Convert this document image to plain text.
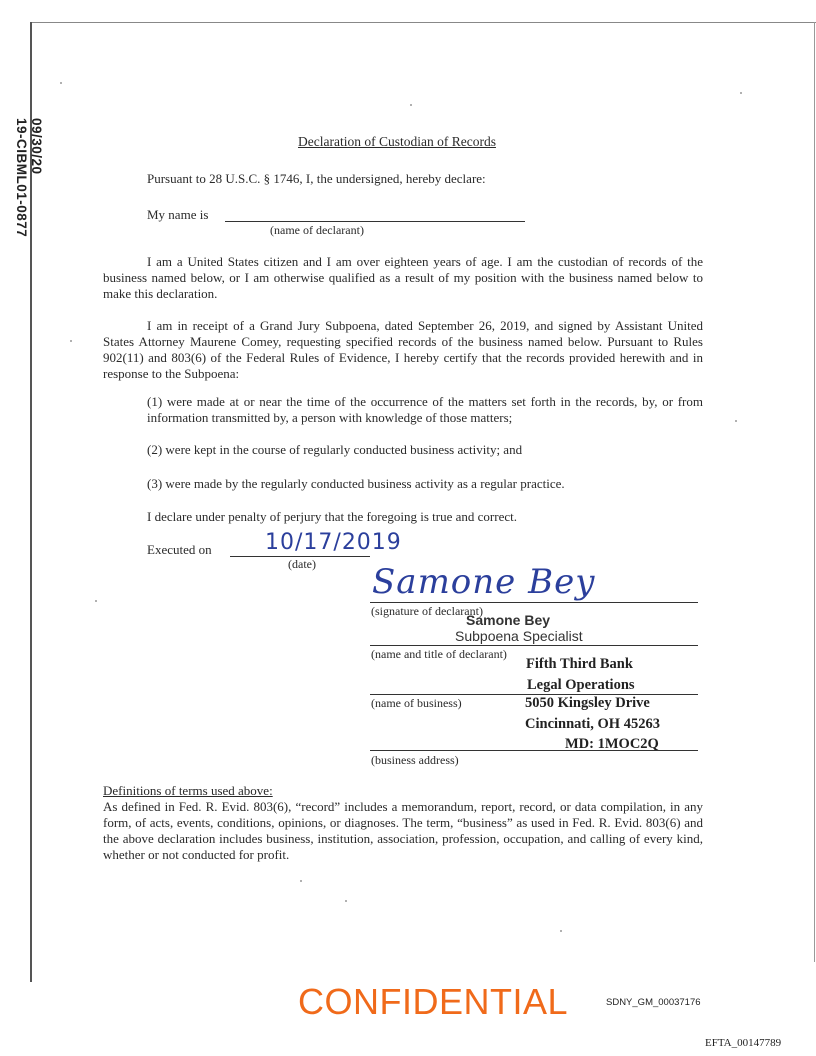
09/30/20
19-CIBML01-0877	Declaration of Custodian of Records
Pursuant to 28 U.S.C. § 1746, I, the undersigned, hereby declare:
My name is
(name of declarant)
I am a United States citizen and I am over eighteen years of age. I am the custodian of records of the business named below, or I am otherwise qualified as a result of my position with the business named below to make this declaration.
I am in receipt of a Grand Jury Subpoena, dated September 26, 2019, and signed by Assistant United States Attorney Maurene Comey, requesting specified records of the business named below. Pursuant to Rules 902(11) and 803(6) of the Federal Rules of Evidence, I hereby certify that the records provided herewith and in response to the Subpoena:
(1) were made at or near the time of the occurrence of the matters set forth in the records, by, or from information transmitted by, a person with knowledge of those matters;
(2) were kept in the course of regularly conducted business activity; and
(3) were made by the regularly conducted business activity as a regular practice.
I declare under penalty of perjury that the foregoing is true and correct.
Executed on 10/17/2019
(date) Samone Bey
(signature of declarant)
Samone Bey
Subpoena Specialist
(name and title of declarant)
Fifth Third Bank
Legal Operations
(name of business)	5050 Kingsley Drive
Cincinnati, OH 45263
MD: 1MOC2Q
(business address)
Definitions of terms used above:
As defined in Fed. R. Evid. 803(6), “record” includes a memorandum, report, record, or data compilation, in any form, of acts, events, conditions, opinions, or diagnoses. The term, “business” as used in Fed. R. Evid. 803(6) and the above declaration includes business, institution, association, profession, occupation, and calling of every kind, whether or not conducted for profit.
CONFIDENTIAL	SDNY_GM_00037176
EFTA_00147789
